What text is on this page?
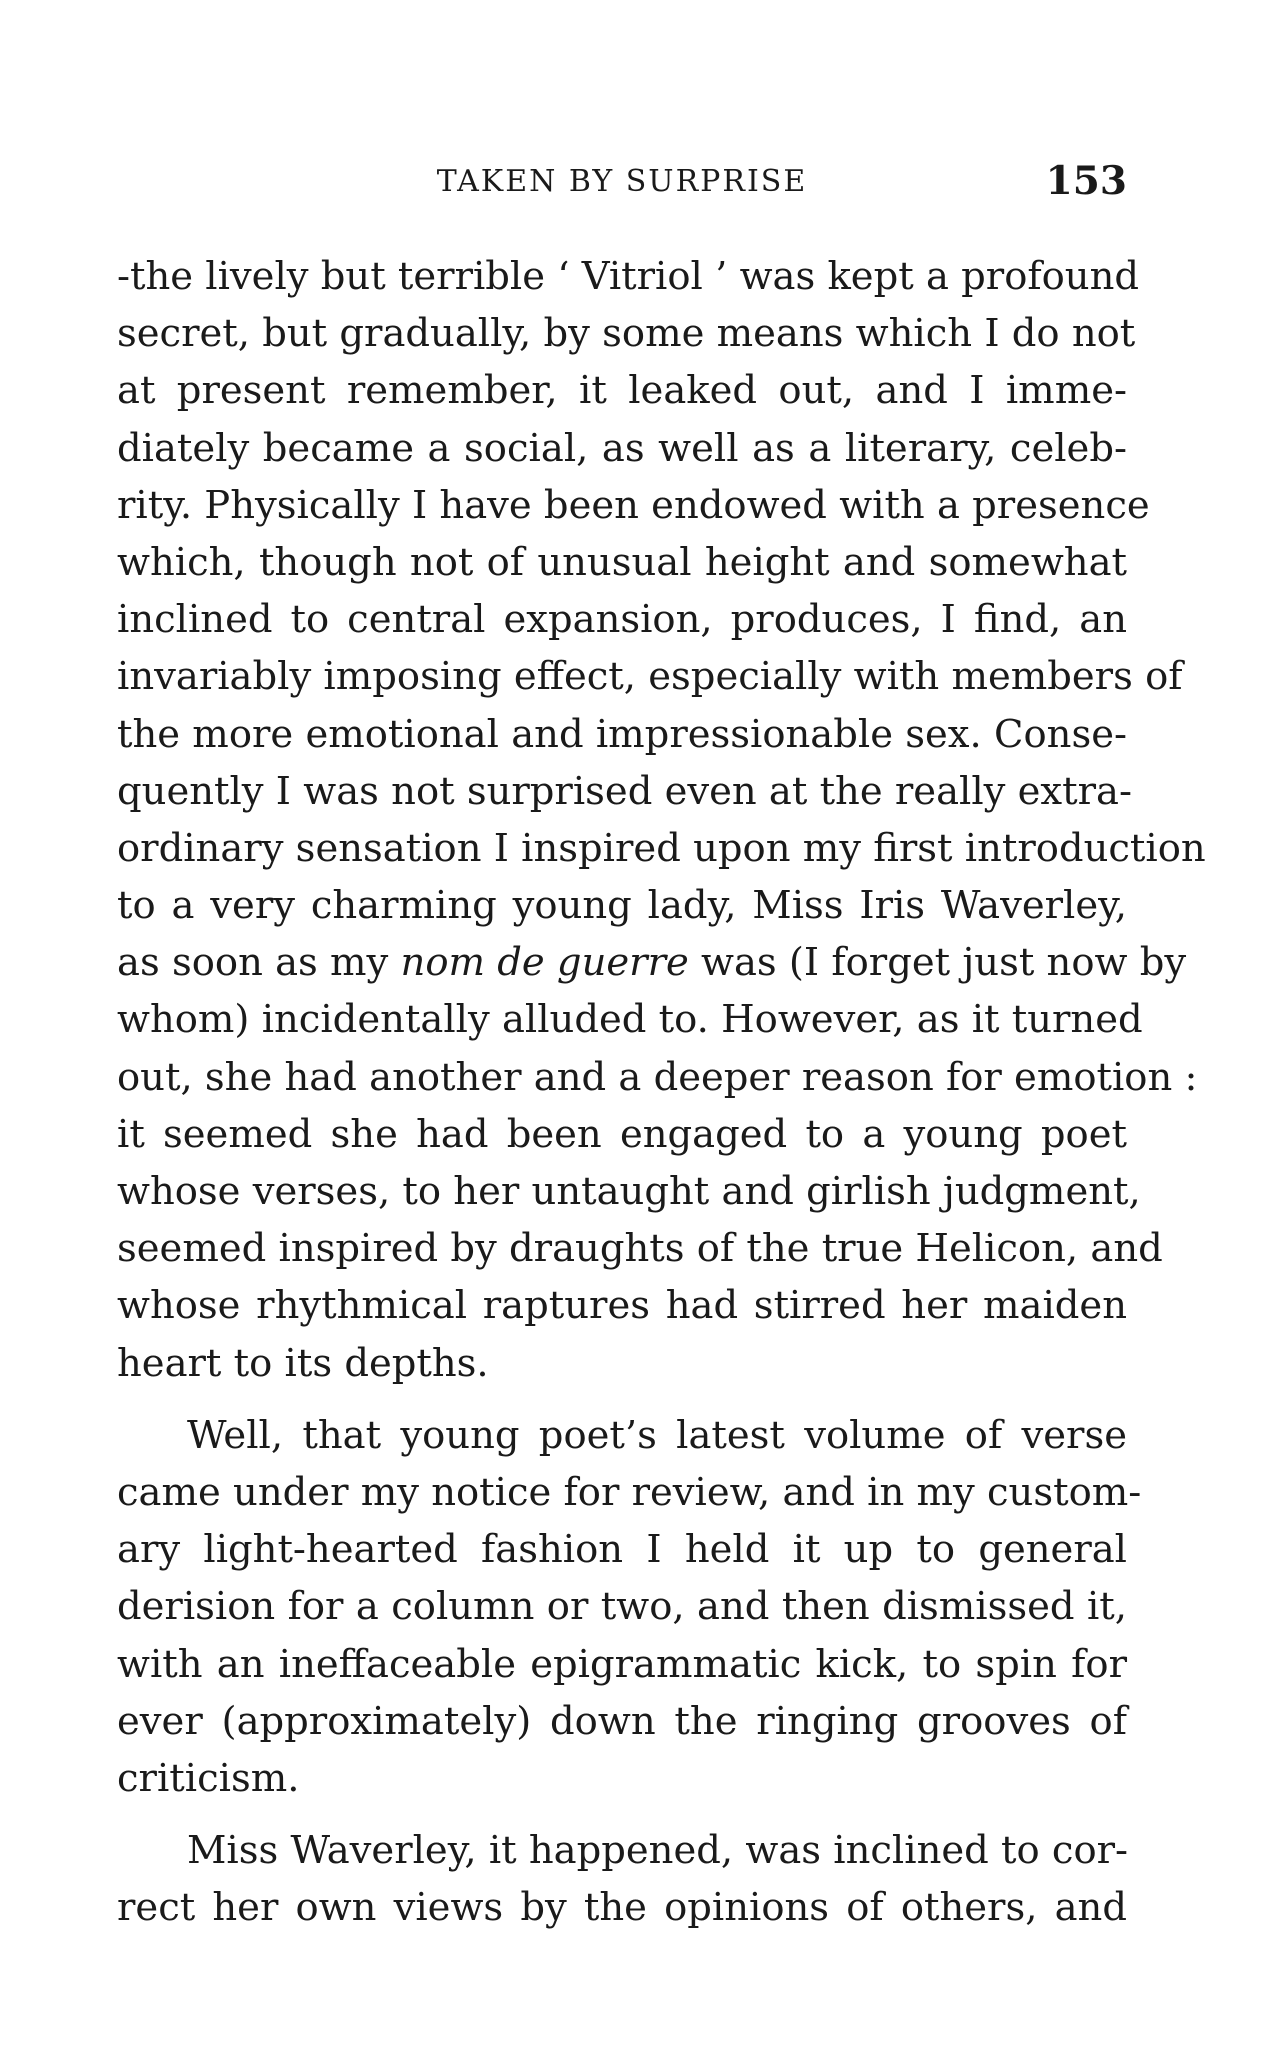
TAKEN BY SURPRISE	153
-the lively but terrible ‘ Vitriol ’ was kept a profound
secret, but gradually, by some means which I do not
at present remember, it leaked out, and I imme-
diately became a social, as well as a literary, celeb-
rity. Physically I have been endowed with a presence
which, though not of unusual height and somewhat
inclined to central expansion, produces, I find, an
invariably imposing effect, especially with members of
the more emotional and impressionable sex. Conse-
quently I was not surprised even at the really extra-
ordinary sensation I inspired upon my first introduction
to a very charming young lady, Miss Iris Waverley,
as soon as my nom de guerre was (I forget just now by
whom) incidentally alluded to. However, as it turned
out, she had another and a deeper reason for emotion :
it seemed she had been engaged to a young poet
whose verses, to her untaught and girlish judgment,
seemed inspired by draughts of the true Helicon, and
whose rhythmical raptures had stirred her maiden
heart to its depths.
Well, that young poet’s latest volume of verse
came under my notice for review, and in my custom-
ary light-hearted fashion I held it up to general
derision for a column or two, and then dismissed it,
with an ineffaceable epigrammatic kick, to spin for
ever (approximately) down the ringing grooves of
criticism.
Miss Waverley, it happened, was inclined to cor-
rect her own views by the opinions of others, and
